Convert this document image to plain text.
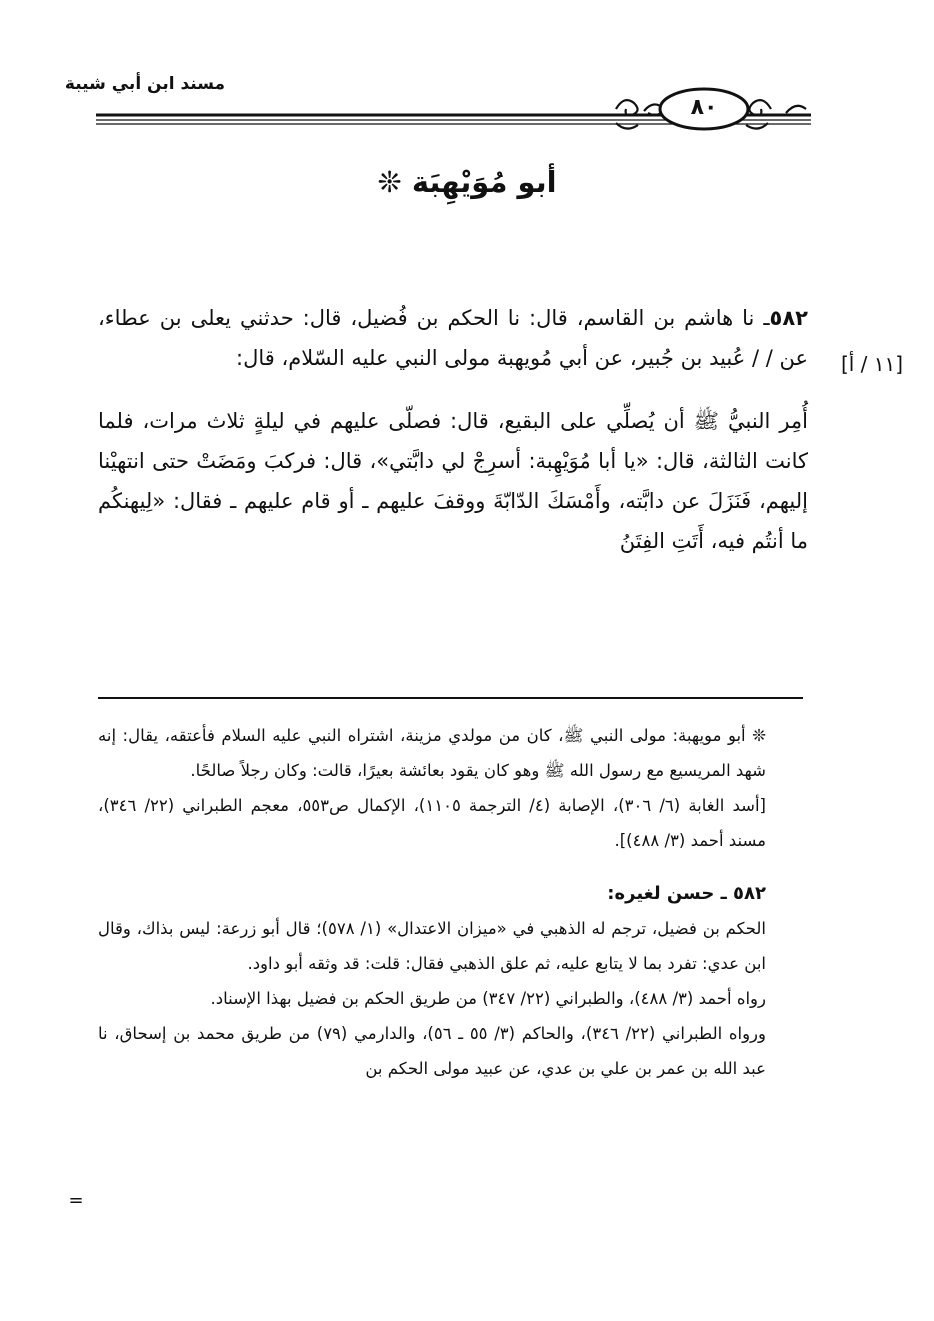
مسند ابن أبي شيبة
٨٠
أبو مُوَيْهِبَة ❊

٥٨٢ـ نا هاشم بن القاسم، قال: نا الحكم بن فُضيل، قال: حدثني يعلى بن عطاء، عن / / عُبيد بن جُبير، عن أبي مُويهبة مولى النبي عليه السّلام، قال:

أُمِر النبيُّ ﷺ أن يُصلِّي على البقيع، قال: فصلّى عليهم في ليلةٍ ثلاث مرات، فلما كانت الثالثة، قال: «يا أبا مُوَيْهِبة: أسرِجْ لي دابَّتي»، قال: فركبَ ومَضَتْ حتى انتهيْنا إليهم، فَنَزَلَ عن دابَّته، وأَمْسَكَ الدّابّةَ ووقفَ عليهم ـ أو قام عليهم ـ فقال: «لِيهنكُم ما أنتُم فيه، أَتَتِ الفِتَنُ

[١١ / أ]

❊ أبو مويهبة: مولى النبي ﷺ، كان من مولدي مزينة، اشتراه النبي عليه السلام فأعتقه، يقال: إنه شهد المريسيع مع رسول الله ﷺ وهو كان يقود بعائشة بعيرًا، قالت: وكان رجلاً صالحًا.

[أسد الغابة (٦/ ٣٠٦)، الإصابة (٤/ الترجمة ١١٠٥)، الإكمال ص٥٥٣، معجم الطبراني (٢٢/ ٣٤٦)، مسند أحمد (٣/ ٤٨٨)].

٥٨٢ ـ حسن لغيره:

الحكم بن فضيل، ترجم له الذهبي في «ميزان الاعتدال» (١/ ٥٧٨)؛ قال أبو زرعة: ليس بذاك، وقال ابن عدي: تفرد بما لا يتابع عليه، ثم علق الذهبي فقال: قلت: قد وثقه أبو داود.

رواه أحمد (٣/ ٤٨٨)، والطبراني (٢٢/ ٣٤٧) من طريق الحكم بن فضيل بهذا الإسناد.

ورواه الطبراني (٢٢/ ٣٤٦)، والحاكم (٣/ ٥٥ ـ ٥٦)، والدارمي (٧٩) من طريق محمد بن إسحاق، نا عبد الله بن عمر بن علي بن عدي، عن عبيد مولى الحكم بن

=
